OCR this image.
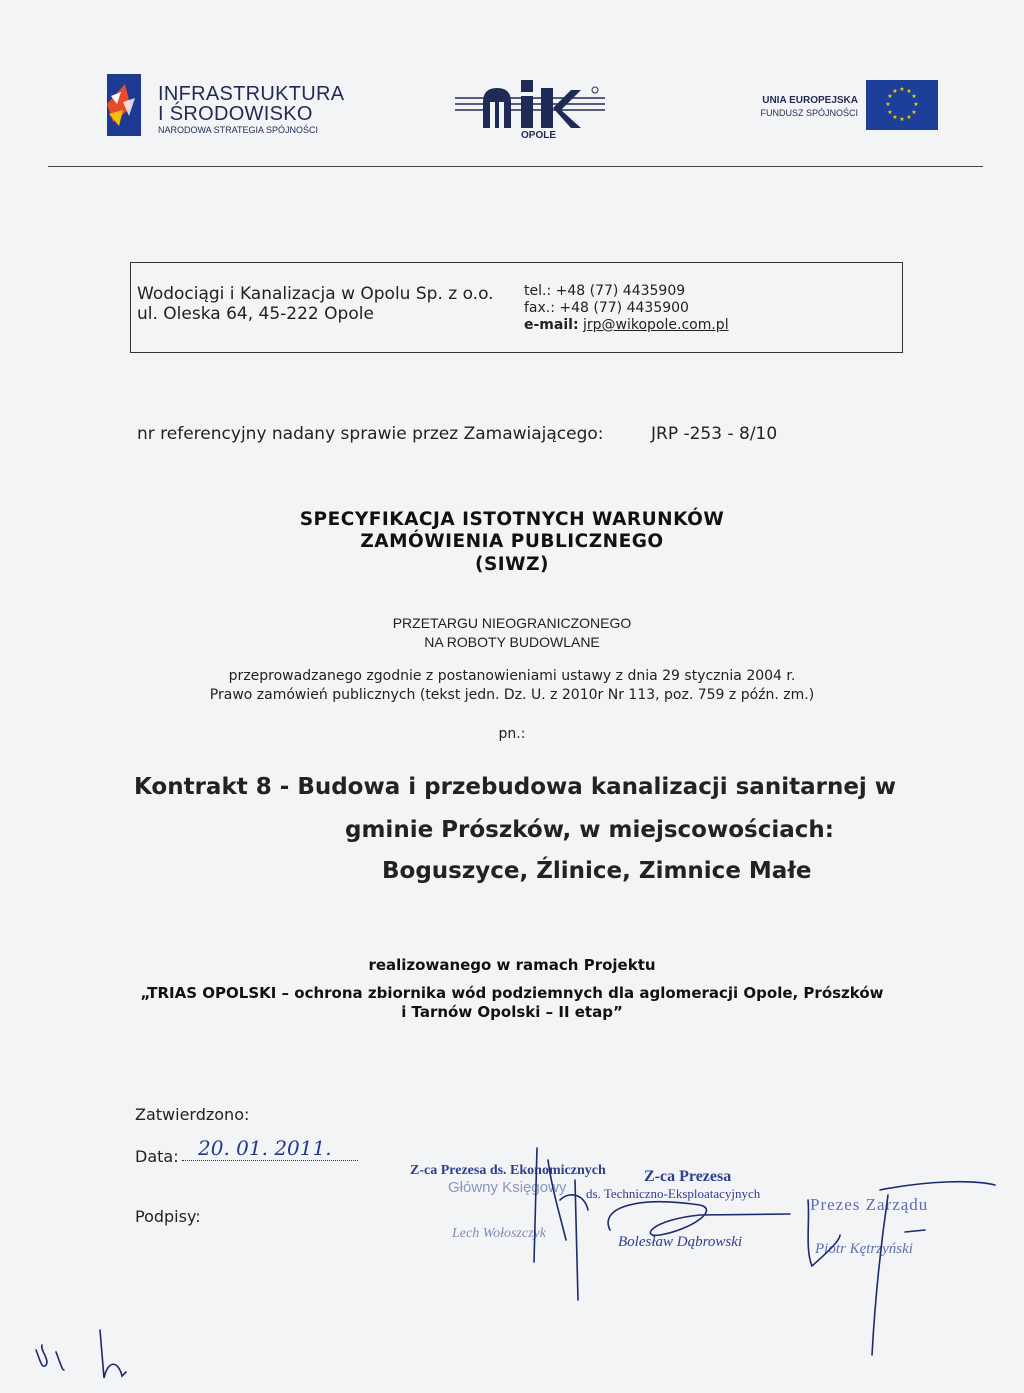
INFRASTRUKTURA
I ŚRODOWISKO
NARODOWA STRATEGIA SPÓJNOŚCI	OPOLE
UNIA EUROPEJSKA
FUNDUSZ SPÓJNOŚCI
★ ★
★
★
★
★
★
★
★
★
★
★
Wodociągi i Kanalizacja w Opolu Sp. z o.o.
ul. Oleska 64, 45-222 Opole
tel.: +48 (77) 4435909
fax.: +48 (77) 4435900
e-mail: jrp@wikopole.com.pl
nr referencyjny nadany sprawie przez Zamawiającego:	JRP -253 - 8/10
SPECYFIKACJA ISTOTNYCH WARUNKÓW
ZAMÓWIENIA PUBLICZNEGO
(SIWZ)
PRZETARGU NIEOGRANICZONEGO
NA ROBOTY BUDOWLANE
przeprowadzanego zgodnie z postanowieniami ustawy z dnia 29 stycznia 2004 r.
Prawo zamówień publicznych (tekst jedn. Dz. U. z 2010r Nr 113, poz. 759 z późn. zm.)
pn.:
Kontrakt 8 - Budowa i przebudowa kanalizacji sanitarnej w
gminie Prószków, w miejscowościach:
Boguszyce, Źlinice, Zimnice Małe
realizowanego w ramach Projektu
„TRIAS OPOLSKI – ochrona zbiornika wód podziemnych dla aglomeracji Opole, Prószków
i Tarnów Opolski – II etap”
Zatwierdzono:
Data: 20. 01. 2011.
Podpisy:
Z-ca Prezesa ds. Ekonomicznych
Główny Księgowy
Lech Wołoszczyk
Z-ca Prezesa
ds. Techniczno-Eksploatacyjnych
Bolesław Dąbrowski
Prezes Zarządu
Piotr Kętrzyński
